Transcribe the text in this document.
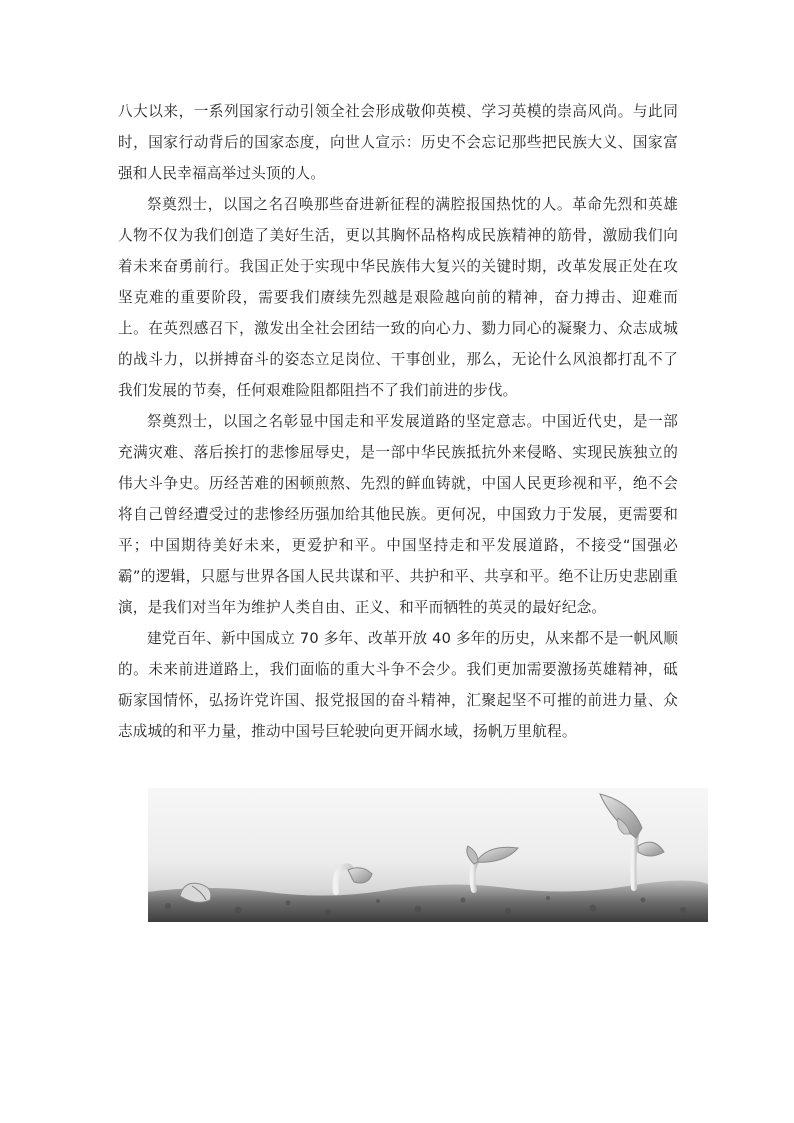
八大以来，一系列国家行动引领全社会形成敬仰英模、学习英模的崇高风尚。与此同时，国家行动背后的国家态度，向世人宣示：历史不会忘记那些把民族大义、国家富强和人民幸福高举过头顶的人。

祭奠烈士，以国之名召唤那些奋进新征程的满腔报国热忱的人。革命先烈和英雄人物不仅为我们创造了美好生活，更以其胸怀品格构成民族精神的筋骨，激励我们向着未来奋勇前行。我国正处于实现中华民族伟大复兴的关键时期，改革发展正处在攻坚克难的重要阶段，需要我们赓续先烈越是艰险越向前的精神，奋力搏击、迎难而上。在英烈感召下，激发出全社会团结一致的向心力、勠力同心的凝聚力、众志成城的战斗力，以拼搏奋斗的姿态立足岗位、干事创业，那么，无论什么风浪都打乱不了我们发展的节奏，任何艰难险阻都阻挡不了我们前进的步伐。

祭奠烈士，以国之名彰显中国走和平发展道路的坚定意志。中国近代史，是一部充满灾难、落后挨打的悲惨屈辱史，是一部中华民族抵抗外来侵略、实现民族独立的伟大斗争史。历经苦难的困顿煎熬、先烈的鲜血铸就，中国人民更珍视和平，绝不会将自己曾经遭受过的悲惨经历强加给其他民族。更何况，中国致力于发展，更需要和平；中国期待美好未来，更爱护和平。中国坚持走和平发展道路，不接受“国强必霸”的逻辑，只愿与世界各国人民共谋和平、共护和平、共享和平。绝不让历史悲剧重演，是我们对当年为维护人类自由、正义、和平而牺牲的英灵的最好纪念。

建党百年、新中国成立 70 多年、改革开放 40 多年的历史，从来都不是一帆风顺的。未来前进道路上，我们面临的重大斗争不会少。我们更加需要激扬英雄精神，砥砺家国情怀，弘扬许党许国、报党报国的奋斗精神，汇聚起坚不可摧的前进力量、众志成城的和平力量，推动中国号巨轮驶向更开阔水域，扬帆万里航程。
